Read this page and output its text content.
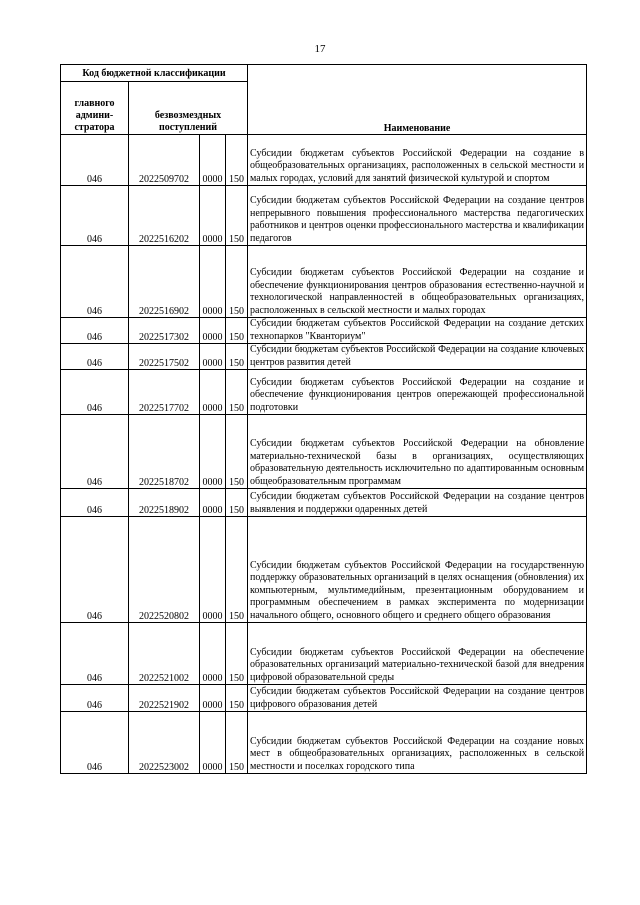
17
Код бюджетной классификации				Наименование
главного админи-стратора	безвозмездных поступлений			
046	2022509702	0000	150	Субсидии бюджетам субъектов Российской Федерации на создание в общеобразовательных организациях, расположенных в сельской местности и малых городах, условий для занятий физической культурой и спортом
046	2022516202	0000	150	Субсидии бюджетам субъектов Российской Федерации на создание центров непрерывного повышения профессионального мастерства педагогических работников и центров оценки профессионального мастерства и квалификации педагогов
046	2022516902	0000	150	Субсидии бюджетам субъектов Российской Федерации на создание и обеспечение функционирования центров образования естественно-научной и технологической направленностей в общеобразовательных организациях, расположенных в сельской местности и малых городах
046	2022517302	0000	150	Субсидии бюджетам субъектов Российской Федерации на создание детских технопарков "Кванториум"
046	2022517502	0000	150	Субсидии бюджетам субъектов Российской Федерации на создание ключевых центров развития детей
046	2022517702	0000	150	Субсидии бюджетам субъектов Российской Федерации на создание и обеспечение функционирования центров опережающей профессиональной подготовки
046	2022518702	0000	150	Субсидии бюджетам субъектов Российской Федерации на обновление материально-технической базы в организациях, осуществляющих образовательную деятельность исключительно по адаптированным основным общеобразовательным программам
046	2022518902	0000	150	Субсидии бюджетам субъектов Российской Федерации на создание центров выявления и поддержки одаренных детей
046	2022520802	0000	150	Субсидии бюджетам субъектов Российской Федерации на государственную поддержку образовательных организаций в целях оснащения (обновления) их компьютерным, мультимедийным, презентационным оборудованием и программным обеспечением в рамках эксперимента по модернизации начального общего, основного общего и среднего общего образования
046	2022521002	0000	150	Субсидии бюджетам субъектов Российской Федерации на обеспечение образовательных организаций материально-технической базой для внедрения цифровой образовательной среды
046	2022521902	0000	150	Субсидии бюджетам субъектов Российской Федерации на создание центров цифрового образования детей
046	2022523002	0000	150	Субсидии бюджетам субъектов Российской Федерации на создание новых мест в общеобразовательных организациях, расположенных в сельской местности и поселках городского типа
